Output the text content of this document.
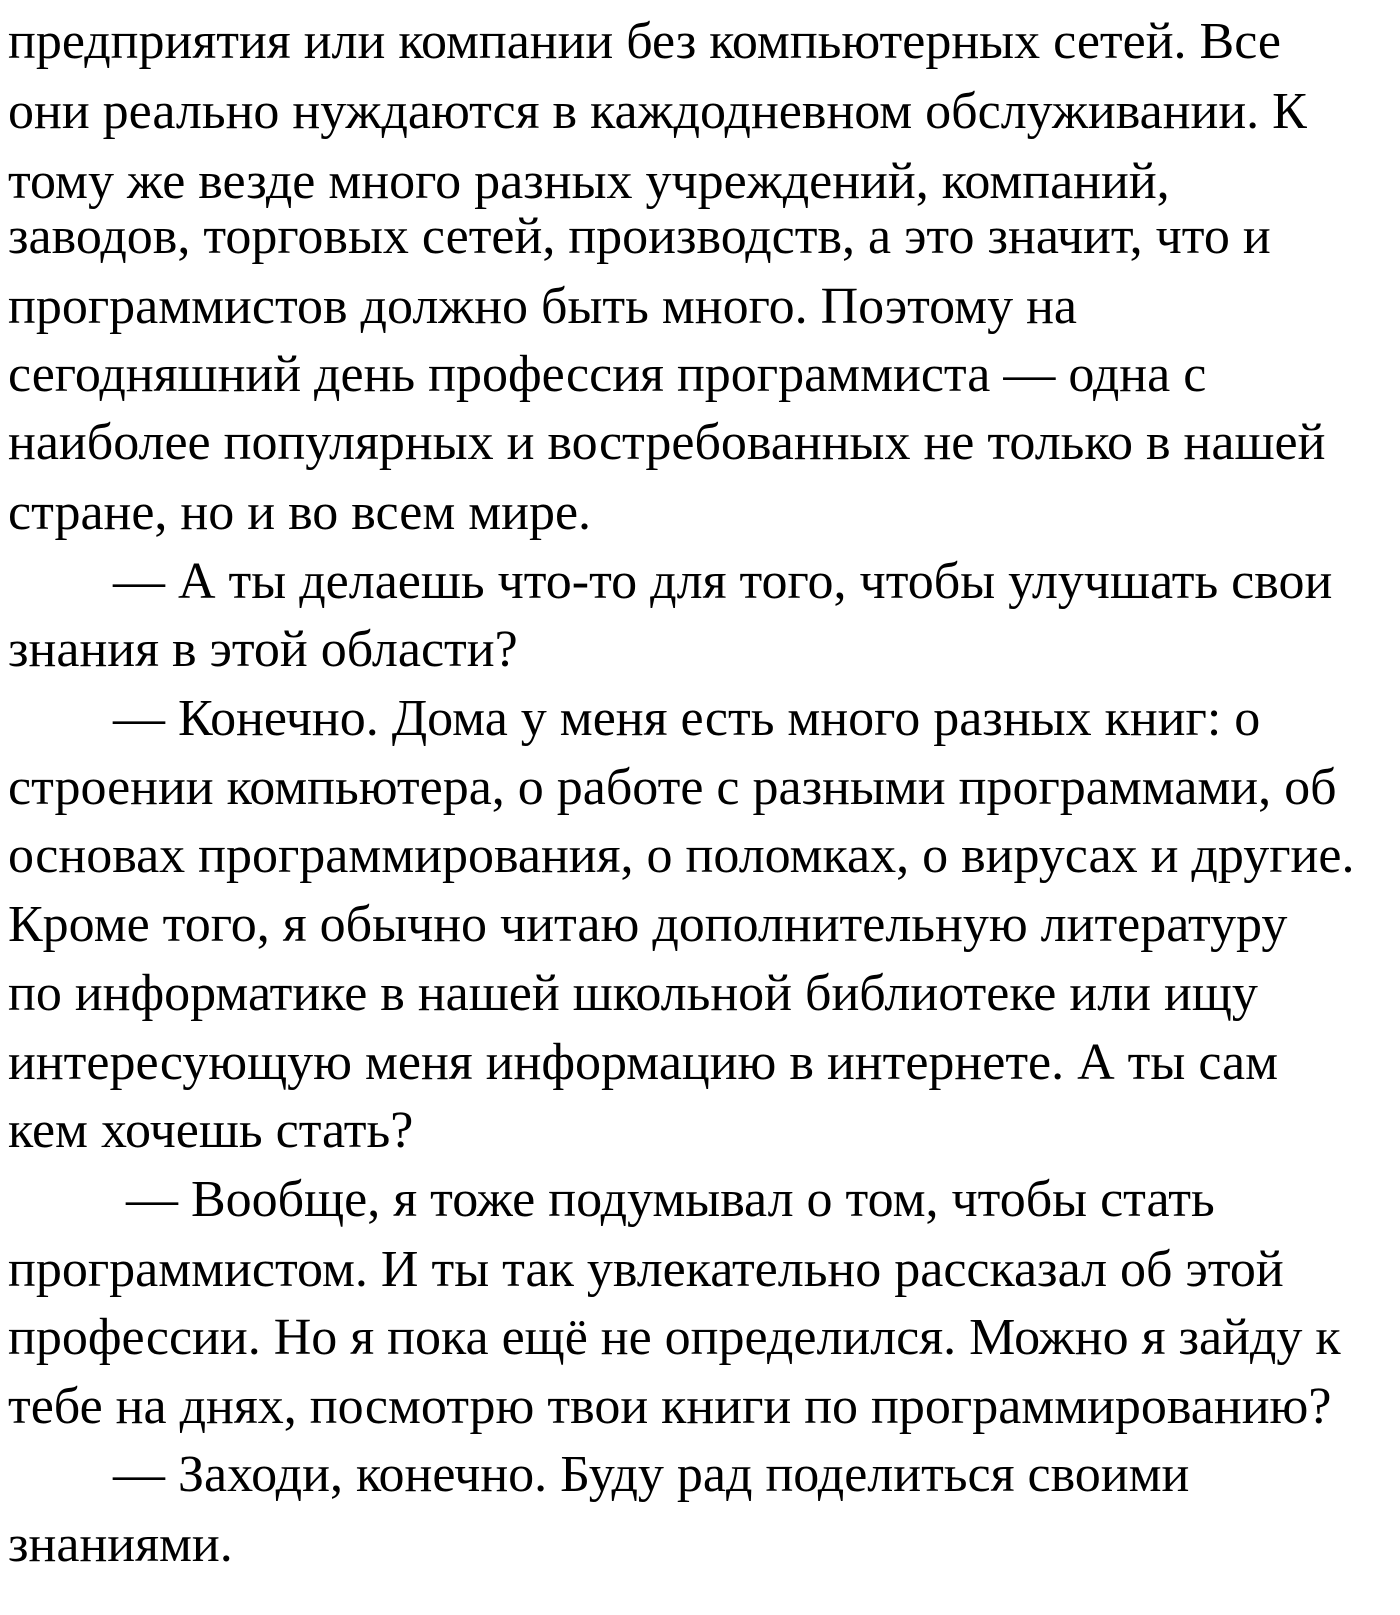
предприятия или компании без компьютерных сетей. Все
они реально нуждаются в каждодневном обслуживании. К
тому же везде много разных учреждений, компаний,
заводов, торговых сетей, производств, а это значит, что и
программистов должно быть много. Поэтому на
сегодняшний день профессия программиста — одна с
наиболее популярных и востребованных не только в нашей
стране, но и во всем мире.
— А ты делаешь что-то для того, чтобы улучшать свои
знания в этой области?
— Конечно. Дома у меня есть много разных книг: о
строении компьютера, о работе с разными программами, об
основах программирования, о поломках, о вирусах и другие.
Кроме того, я обычно читаю дополнительную литературу
по информатике в нашей школьной библиотеке или ищу
интересующую меня информацию в интернете. А ты сам
кем хочешь стать?
— Вообще, я тоже подумывал о том, чтобы стать
программистом. И ты так увлекательно рассказал об этой
профессии. Но я пока ещё не определился. Можно я зайду к
тебе на днях, посмотрю твои книги по программированию?
— Заходи, конечно. Буду рад поделиться своими
знаниями.
